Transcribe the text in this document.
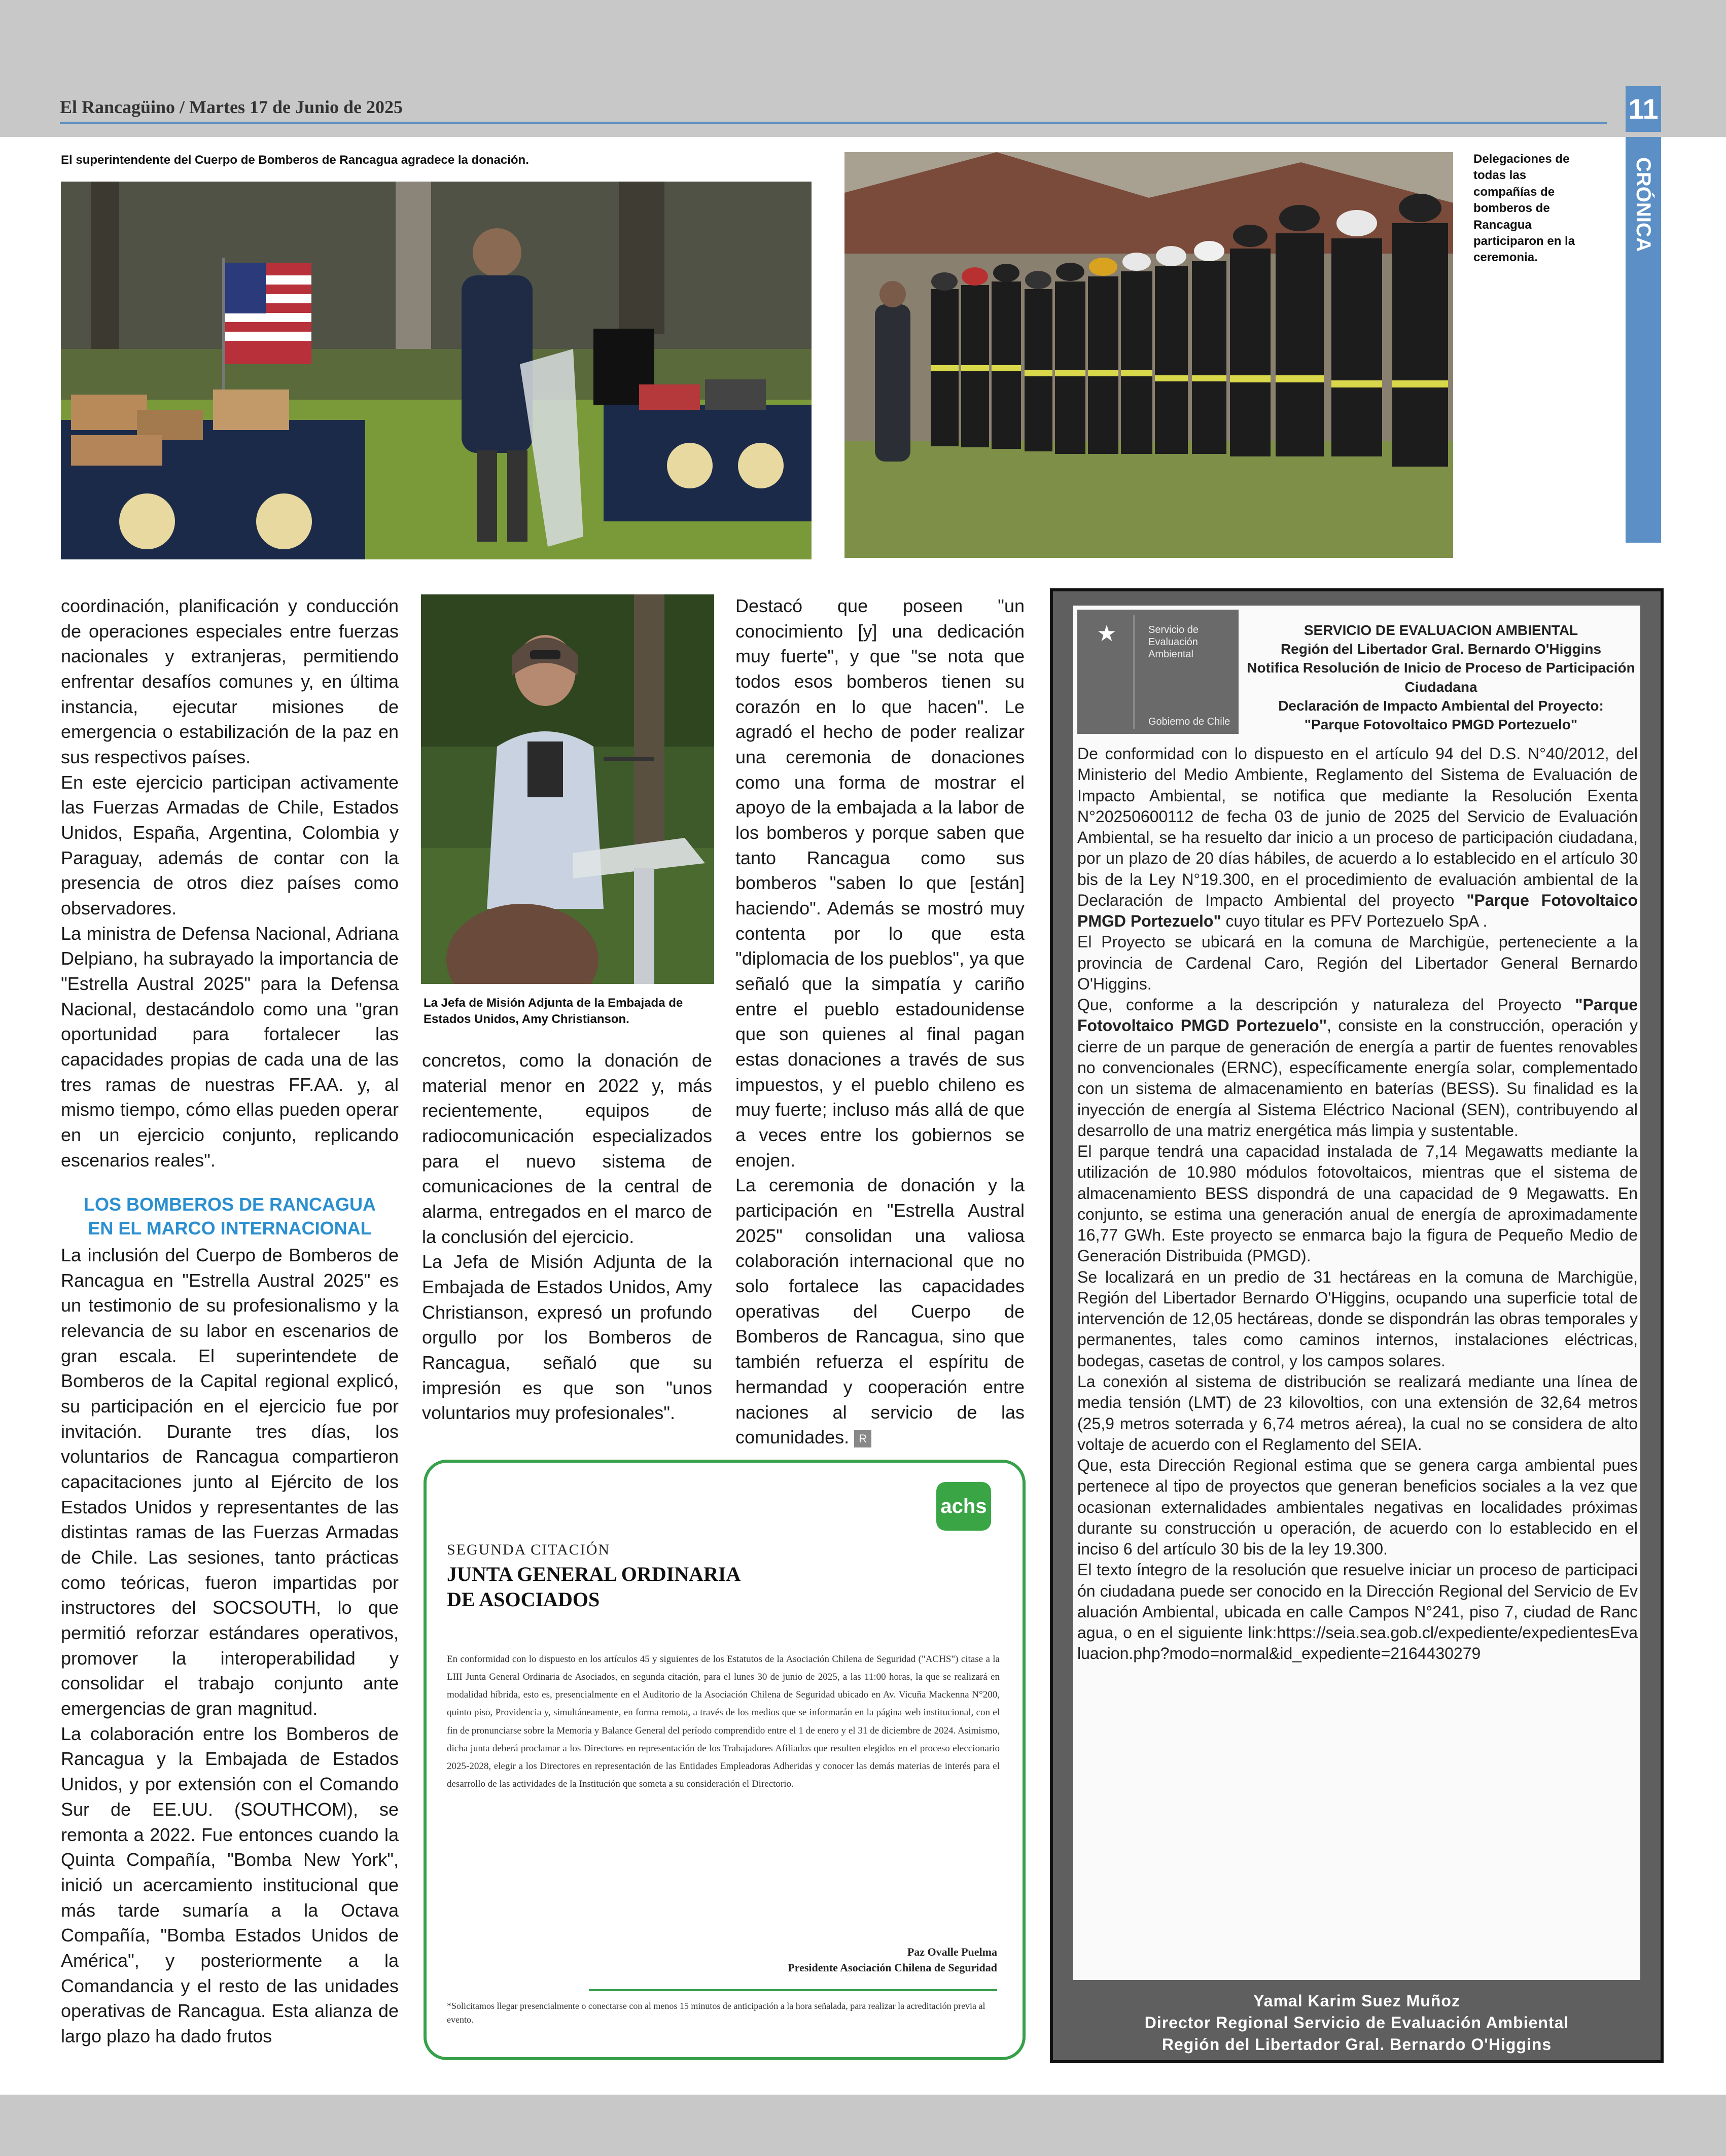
El Rancagüino / Martes 17 de Junio de 2025	11
CRÓNICA
El superintendente del Cuerpo de Bomberos de Rancagua agradece la donación.	Delegaciones de todas las compañías de bomberos de Rancagua participaron en la ceremonia.

coordinación, planificación y conducción de operaciones especiales entre fuerzas nacionales y extranjeras, permitiendo enfrentar desafíos comunes y, en última instancia, ejecutar misiones de emergencia o estabilización de la paz en sus respectivos países.

En este ejercicio participan activamente las Fuerzas Armadas de Chile, Estados Unidos, España, Argentina, Colombia y Paraguay, además de contar con la presencia de otros diez países como observadores.

La ministra de Defensa Nacional, Adriana Delpiano, ha subrayado la importancia de "Estrella Austral 2025" para la Defensa Nacional, destacándolo como una "gran oportunidad para fortalecer las capacidades propias de cada una de las tres ramas de nuestras FF.AA. y, al mismo tiempo, cómo ellas pueden operar en un ejercicio conjunto, replicando escenarios reales".

LOS BOMBEROS DE RANCAGUA
EN EL MARCO INTERNACIONAL

La inclusión del Cuerpo de Bomberos de Rancagua en "Estrella Austral 2025" es un testimonio de su profesionalismo y la relevancia de su labor en escenarios de gran escala. El superintendete de Bomberos de la Capital regional explicó, su participación en el ejercicio fue por invitación. Durante tres días, los voluntarios de Rancagua compartieron capacitaciones junto al Ejército de los Estados Unidos y representantes de las distintas ramas de las Fuerzas Armadas de Chile. Las sesiones, tanto prácticas como teóricas, fueron impartidas por instructores del SOCSOUTH, lo que permitió reforzar estándares operativos, promover la interoperabilidad y consolidar el trabajo conjunto ante emergencias de gran magnitud.

La colaboración entre los Bomberos de Rancagua y la Embajada de Estados Unidos, y por extensión con el Comando Sur de EE.UU. (SOUTHCOM), se remonta a 2022. Fue entonces cuando la Quinta Compañía, "Bomba New York", inició un acercamiento institucional que más tarde sumaría a la Octava Compañía, "Bomba Estados Unidos de América", y posteriormente a la Comandancia y el resto de las unidades operativas de Rancagua. Esta alianza de largo plazo ha dado frutos

La Jefa de Misión Adjunta de la Embajada de Estados Unidos, Amy Christianson.

concretos, como la donación de material menor en 2022 y, más recientemente, equipos de radiocomunicación especializados para el nuevo sistema de comunicaciones de la central de alarma, entregados en el marco de la conclusión del ejercicio.

La Jefa de Misión Adjunta de la Embajada de Estados Unidos, Amy Christianson, expresó un profundo orgullo por los Bomberos de Rancagua, señaló que su impresión es que son "unos voluntarios muy profesionales".

Destacó que poseen "un conocimiento [y] una dedicación muy fuerte", y que "se nota que todos esos bomberos tienen su corazón en lo que hacen". Le agradó el hecho de poder realizar una ceremonia de donaciones como una forma de mostrar el apoyo de la embajada a la labor de los bomberos y porque saben que tanto Rancagua como sus bomberos "saben lo que [están] haciendo". Además se mostró muy contenta por lo que esta "diplomacia de los pueblos", ya que señaló que la simpatía y cariño entre el pueblo estadounidense que son quienes al final pagan estas donaciones a través de sus impuestos, y el pueblo chileno es muy fuerte; incluso más allá de que a veces entre los gobiernos se enojen.

La ceremonia de donación y la participación en "Estrella Austral 2025" consolidan una valiosa colaboración internacional que no solo fortalece las capacidades operativas del Cuerpo de Bomberos de Rancagua, sino que también refuerza el espíritu de hermandad y cooperación entre naciones al servicio de las comunidades. R

achs
SEGUNDA CITACIÓN
JUNTA GENERAL ORDINARIA
DE ASOCIADOS
En conformidad con lo dispuesto en los artículos 45 y siguientes de los Estatutos de la Asociación Chilena de Seguridad ("ACHS") citase a la LIII Junta General Ordinaria de Asociados, en segunda citación, para el lunes 30 de junio de 2025, a las 11:00 horas, la que se realizará en modalidad híbrida, esto es, presencialmente en el Auditorio de la Asociación Chilena de Seguridad ubicado en Av. Vicuña Mackenna N°200, quinto piso, Providencia y, simultáneamente, en forma remota, a través de los medios que se informarán en la página web institucional, con el fin de pronunciarse sobre la Memoria y Balance General del período comprendido entre el 1 de enero y el 31 de diciembre de 2024. Asimismo, dicha junta deberá proclamar a los Directores en representación de los Trabajadores Afiliados que resulten elegidos en el proceso eleccionario 2025-2028, elegir a los Directores en representación de las Entidades Empleadoras Adheridas y conocer las demás materias de interés para el desarrollo de las actividades de la Institución que someta a su consideración el Directorio.
Paz Ovalle Puelma
Presidente Asociación Chilena de Seguridad
*Solicitamos llegar presencialmente o conectarse con al menos 15 minutos de anticipación a la hora señalada, para realizar la acreditación previa al evento.
★	Servicio de Evaluación Ambiental
Gobierno de Chile
SERVICIO DE EVALUACION AMBIENTAL
Región del Libertador Gral. Bernardo O'Higgins
Notifica Resolución de Inicio de Proceso de Participación Ciudadana
Declaración de Impacto Ambiental del Proyecto:
"Parque Fotovoltaico PMGD Portezuelo"

De conformidad con lo dispuesto en el artículo 94 del D.S. N°40/2012, del Ministerio del Medio Ambiente, Reglamento del Sistema de Evaluación de Impacto Ambiental, se notifica que mediante la Resolución Exenta N°20250600112 de fecha 03 de junio de 2025 del Servicio de Evaluación Ambiental, se ha resuelto dar inicio a un proceso de participación ciudadana, por un plazo de 20 días hábiles, de acuerdo a lo establecido en el artículo 30 bis de la Ley N°19.300, en el procedimiento de evaluación ambiental de la Declaración de Impacto Ambiental del proyecto "Parque Fotovoltaico PMGD Portezuelo" cuyo titular es PFV Portezuelo SpA .

El Proyecto se ubicará en la comuna de Marchigüe, perteneciente a la provincia de Cardenal Caro, Región del Libertador General Bernardo O'Higgins.

Que, conforme a la descripción y naturaleza del Proyecto "Parque Fotovoltaico PMGD Portezuelo", consiste en la construcción, operación y cierre de un parque de generación de energía a partir de fuentes renovables no convencionales (ERNC), específicamente energía solar, complementado con un sistema de almacenamiento en baterías (BESS). Su finalidad es la inyección de energía al Sistema Eléctrico Nacional (SEN), contribuyendo al desarrollo de una matriz energética más limpia y sustentable.

El parque tendrá una capacidad instalada de 7,14 Megawatts mediante la utilización de 10.980 módulos fotovoltaicos, mientras que el sistema de almacenamiento BESS dispondrá de una capacidad de 9 Megawatts. En conjunto, se estima una generación anual de energía de aproximadamente 16,77 GWh. Este proyecto se enmarca bajo la figura de Pequeño Medio de Generación Distribuida (PMGD).

Se localizará en un predio de 31 hectáreas en la comuna de Marchigüe, Región del Libertador Bernardo O'Higgins, ocupando una superficie total de intervención de 12,05 hectáreas, donde se dispondrán las obras temporales y permanentes, tales como caminos internos, instalaciones eléctricas, bodegas, casetas de control, y los campos solares.

La conexión al sistema de distribución se realizará mediante una línea de media tensión (LMT) de 23 kilovoltios, con una extensión de 32,64 metros (25,9 metros soterrada y 6,74 metros aérea), la cual no se considera de alto voltaje de acuerdo con el Reglamento del SEIA.

Que, esta Dirección Regional estima que se genera carga ambiental pues pertenece al tipo de proyectos que generan beneficios sociales a la vez que ocasionan externalidades ambientales negativas en localidades próximas durante su construcción u operación, de acuerdo con lo establecido en el inciso 6 del artículo 30 bis de la ley 19.300.

El texto íntegro de la resolución que resuelve iniciar un proceso de participación ciudadana puede ser conocido en la Dirección Regional del Servicio de Evaluación Ambiental, ubicada en calle Campos N°241, piso 7, ciudad de Rancagua, o en el siguiente link:https://seia.sea.gob.cl/expediente/expedientesEvaluacion.php?modo=normal&id_expediente=2164430279

Yamal Karim Suez Muñoz
Director Regional Servicio de Evaluación Ambiental
Región del Libertador Gral. Bernardo O'Higgins
